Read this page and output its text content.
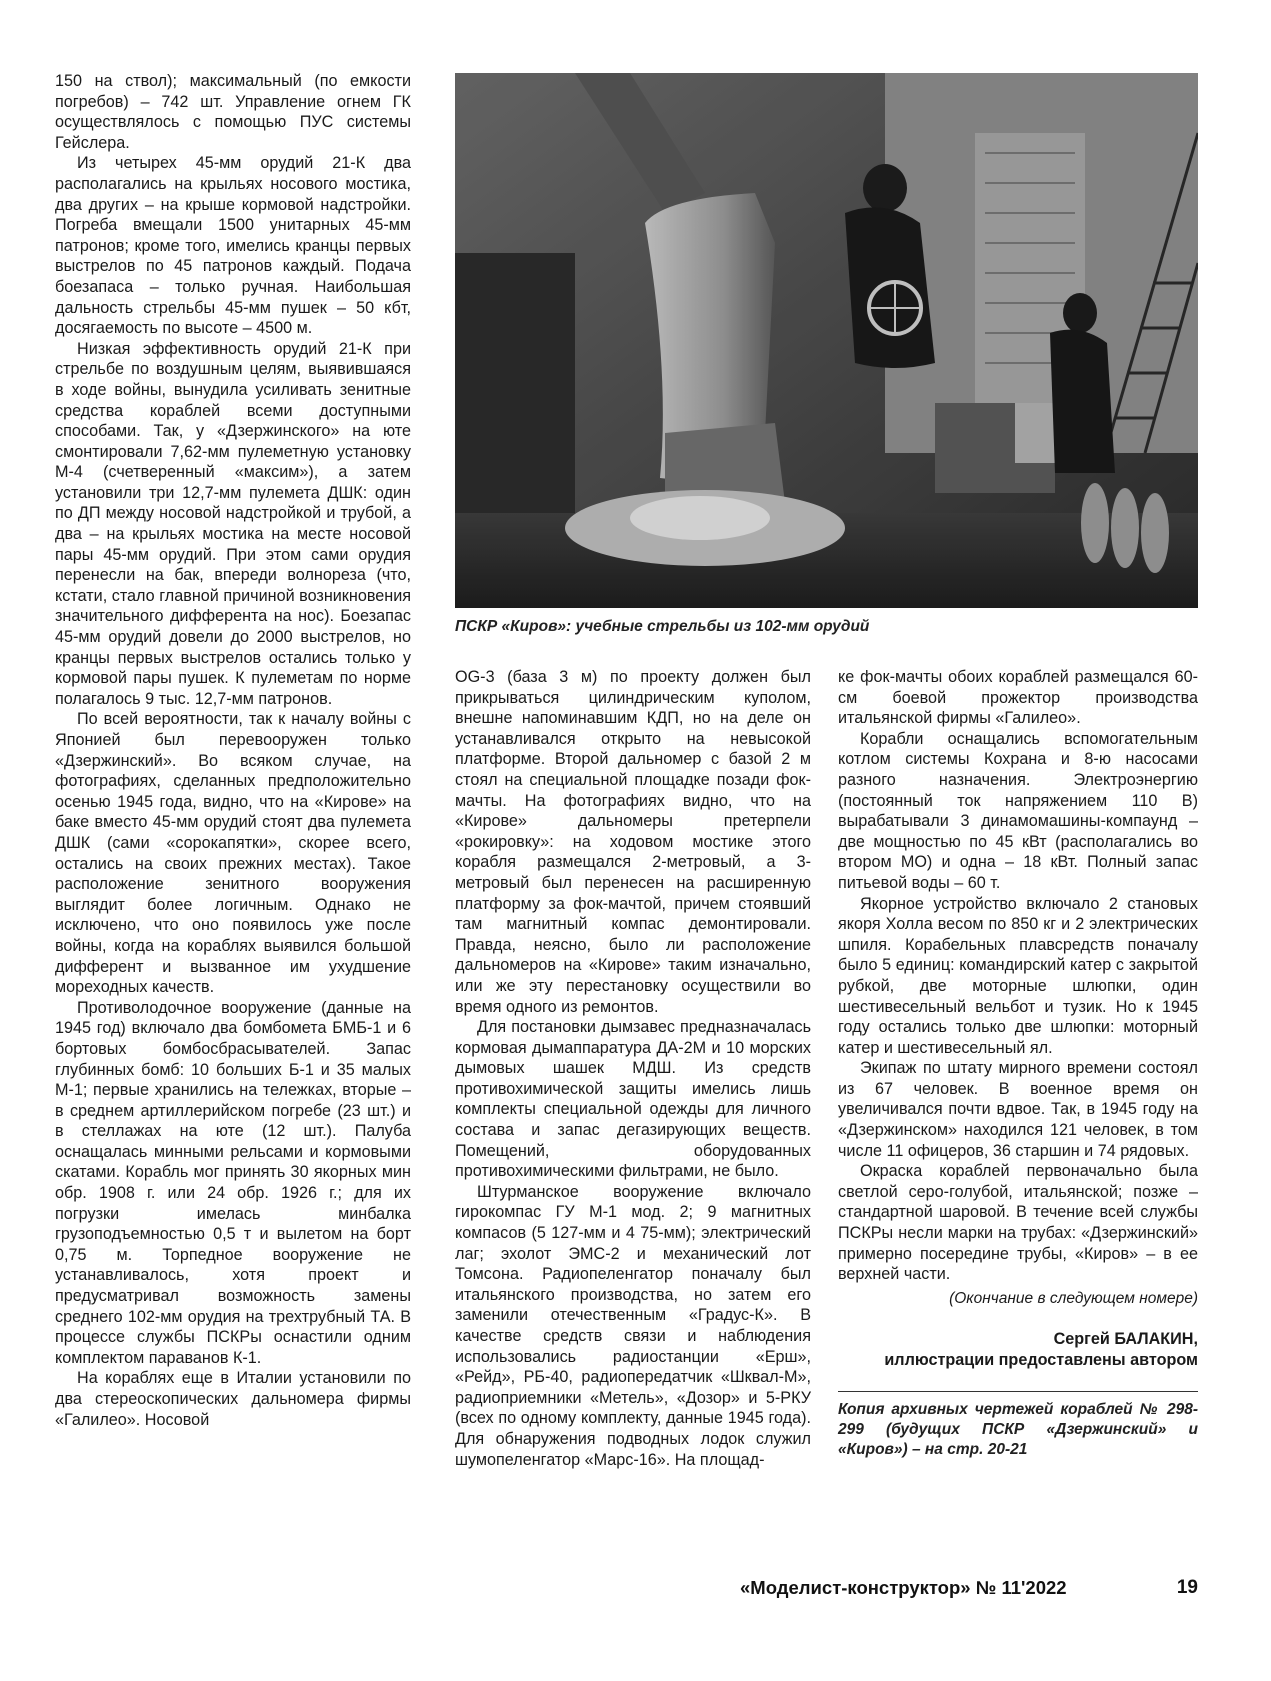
150 на ствол); максимальный (по емкости погребов) – 742 шт. Управление огнем ГК осуществлялось с помощью ПУС системы Гейслера.

Из четырех 45-мм орудий 21-К два располагались на крыльях носового мостика, два других – на крыше кормовой надстройки. Погреба вмещали 1500 унитарных 45-мм патронов; кроме того, имелись кранцы первых выстрелов по 45 патронов каждый. Подача боезапаса – только ручная. Наибольшая дальность стрельбы 45-мм пушек – 50 кбт, досягаемость по высоте – 4500 м.

Низкая эффективность орудий 21-К при стрельбе по воздушным целям, выявившаяся в ходе войны, вынудила усиливать зенитные средства кораблей всеми доступными способами. Так, у «Дзержинского» на юте смонтировали 7,62-мм пулеметную установку М-4 (счетверенный «максим»), а затем установили три 12,7-мм пулемета ДШК: один по ДП между носовой надстройкой и трубой, а два – на крыльях мостика на месте носовой пары 45-мм орудий. При этом сами орудия перенесли на бак, впереди волнореза (что, кстати, стало главной причиной возникновения значительного дифферента на нос). Боезапас 45-мм орудий довели до 2000 выстрелов, но кранцы первых выстрелов остались только у кормовой пары пушек. К пулеметам по норме полагалось 9 тыс. 12,7-мм патронов.

По всей вероятности, так к началу войны с Японией был перевооружен только «Дзержинский». Во всяком случае, на фотографиях, сделанных предположительно осенью 1945 года, видно, что на «Кирове» на баке вместо 45-мм орудий стоят два пулемета ДШК (сами «сорокапятки», скорее всего, остались на своих прежних местах). Такое расположение зенитного вооружения выглядит более логичным. Однако не исключено, что оно появилось уже после войны, когда на кораблях выявился большой дифферент и вызванное им ухудшение мореходных качеств.

Противолодочное вооружение (данные на 1945 год) включало два бомбомета БМБ-1 и 6 бортовых бомбосбрасывателей. Запас глубинных бомб: 10 больших Б-1 и 35 малых М-1; первые хранились на тележках, вторые – в среднем артиллерийском погребе (23 шт.) и в стеллажах на юте (12 шт.). Палуба оснащалась минными рельсами и кормовыми скатами. Корабль мог принять 30 якорных мин обр. 1908 г. или 24 обр. 1926 г.; для их погрузки имелась минбалка грузоподъемностью 0,5 т и вылетом на борт 0,75 м. Торпедное вооружение не устанавливалось, хотя проект и предусматривал возможность замены среднего 102-мм орудия на трехтрубный ТА. В процессе службы ПСКРы оснастили одним комплектом параванов К-1.

На кораблях еще в Италии установили по два стереоскопических дальномера фирмы «Галилео». Носовой

ПСКР «Киров»: учебные стрельбы из 102-мм орудий

OG-3 (база 3 м) по проекту должен был прикрываться цилиндрическим куполом, внешне напоминавшим КДП, но на деле он устанавливался открыто на невысокой платформе. Второй дальномер с базой 2 м стоял на специальной площадке позади фок-мачты. На фотографиях видно, что на «Кирове» дальномеры претерпели «рокировку»: на ходовом мостике этого корабля размещался 2-метровый, а 3-метровый был перенесен на расширенную платформу за фок-мачтой, причем стоявший там магнитный компас демонтировали. Правда, неясно, было ли расположение дальномеров на «Кирове» таким изначально, или же эту перестановку осуществили во время одного из ремонтов.

Для постановки дымзавес предназначалась кормовая дымаппаратура ДА-2М и 10 морских дымовых шашек МДШ. Из средств противохимической защиты имелись лишь комплекты специальной одежды для личного состава и запас дегазирующих веществ. Помещений, оборудованных противохимическими фильтрами, не было.

Штурманское вооружение включало гирокомпас ГУ М-1 мод. 2; 9 магнитных компасов (5 127-мм и 4 75-мм); электрический лаг; эхолот ЭМС-2 и механический лот Томсона. Радиопеленгатор поначалу был итальянского производства, но затем его заменили отечественным «Градус-К». В качестве средств связи и наблюдения использовались радиостанции «Ерш», «Рейд», РБ-40, радиопередатчик «Шквал-М», радиоприемники «Метель», «Дозор» и 5-РКУ (всех по одному комплекту, данные 1945 года). Для обнаружения подводных лодок служил шумопеленгатор «Марс-16». На площад-

ке фок-мачты обоих кораблей размещался 60-см боевой прожектор производства итальянской фирмы «Галилео».

Корабли оснащались вспомогательным котлом системы Кохрана и 8-ю насосами разного назначения. Электроэнергию (постоянный ток напряжением 110 В) вырабатывали 3 динамомашины-компаунд – две мощностью по 45 кВт (располагались во втором МО) и одна – 18 кВт. Полный запас питьевой воды – 60 т.

Якорное устройство включало 2 становых якоря Холла весом по 850 кг и 2 электрических шпиля. Корабельных плавсредств поначалу было 5 единиц: командирский катер с закрытой рубкой, две моторные шлюпки, один шестивесельный вельбот и тузик. Но к 1945 году остались только две шлюпки: моторный катер и шестивесельный ял.

Экипаж по штату мирного времени состоял из 67 человек. В военное время он увеличивался почти вдвое. Так, в 1945 году на «Дзержинском» находился 121 человек, в том числе 11 офицеров, 36 старшин и 74 рядовых.

Окраска кораблей первоначально была светлой серо-голубой, итальянской; позже – стандартной шаровой. В течение всей службы ПСКРы несли марки на трубах: «Дзержинский» примерно посередине трубы, «Киров» – в ее верхней части.

(Окончание в следующем номере)

Сергей БАЛАКИН,

иллюстрации предоставлены автором

Копия архивных чертежей кораблей № 298-299 (будущих ПСКР «Дзержинский» и «Киров») – на стр. 20-21

«Моделист-конструктор» № 11'2022	19
